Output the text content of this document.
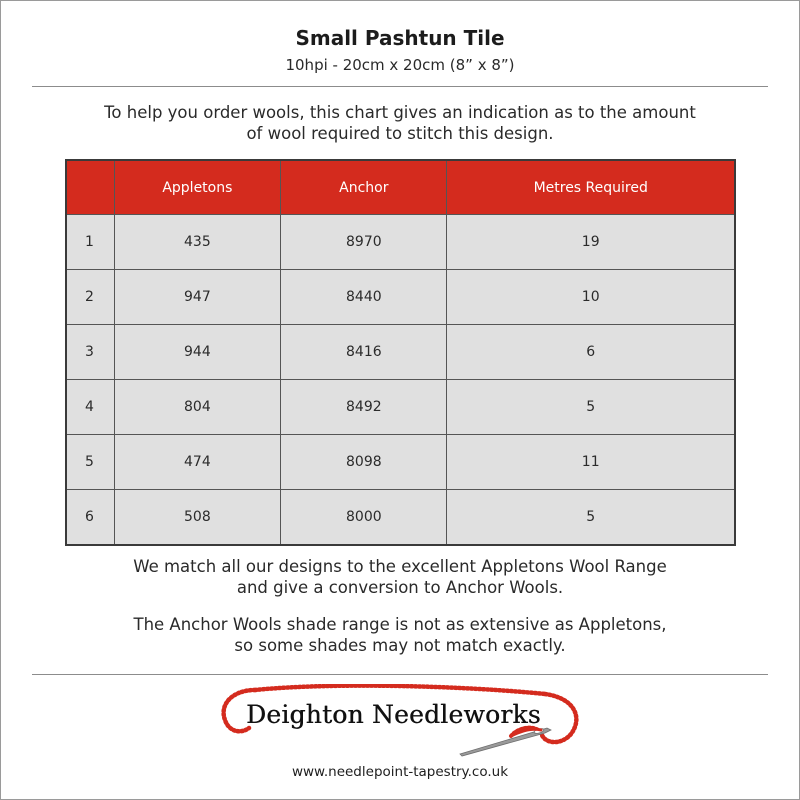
Small Pashtun Tile
10hpi - 20cm x 20cm (8” x 8”)
To help you order wools, this chart gives an indication as to the amount
of wool required to stitch this design.
	Appletons	Anchor	Metres Required
1	435	8970	19
2	947	8440	10
3	944	8416	6
4	804	8492	5
5	474	8098	11
6	508	8000	5
We match all our designs to the excellent Appletons Wool Range
and give a conversion to Anchor Wools.
The Anchor Wools shade range is not as extensive as Appletons,
so some shades may not match exactly.
Deighton Needleworks
www.needlepoint-tapestry.co.uk
